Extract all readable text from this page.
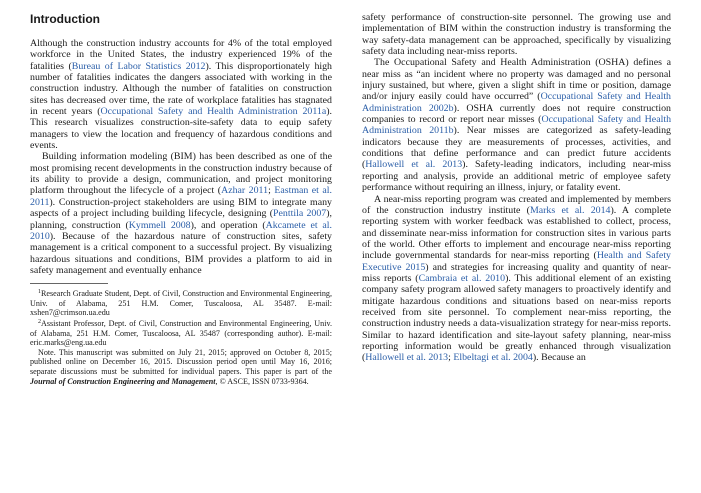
Introduction

Although the construction industry accounts for 4% of the total employed workforce in the United States, the industry experienced 19% of the fatalities (Bureau of Labor Statistics 2012). This disproportionately high number of fatalities indicates the dangers associated with working in the construction industry. Although the number of fatalities on construction sites has decreased over time, the rate of workplace fatalities has stagnated in recent years (Occupational Safety and Health Administration 2011a). This research visualizes construction-site-safety data to equip safety managers to view the location and frequency of hazardous conditions and events.

Building information modeling (BIM) has been described as one of the most promising recent developments in the construction industry because of its ability to provide a design, communication, and project monitoring platform throughout the lifecycle of a project (Azhar 2011; Eastman et al. 2011). Construction-project stakeholders are using BIM to integrate many aspects of a project including building lifecycle, designing (Penttila 2007), planning, construction (Kymmell 2008), and operation (Akcamete et al. 2010). Because of the hazardous nature of construction sites, safety management is a critical component to a successful project. By visualizing hazardous situations and conditions, BIM provides a platform to aid in safety management and eventually enhance

$^1$Research Graduate Student, Dept. of Civil, Construction and Environmental Engineering, Univ. of Alabama, 251 H.M. Comer, Tuscaloosa, AL 35487. E-mail: xshen7@crimson.ua.edu

$^2$Assistant Professor, Dept. of Civil, Construction and Environmental Engineering, Univ. of Alabama, 251 H.M. Comer, Tuscaloosa, AL 35487 (corresponding author). E-mail: eric.marks@eng.ua.edu

Note. This manuscript was submitted on July 21, 2015; approved on October 8, 2015; published online on December 16, 2015. Discussion period open until May 16, 2016; separate discussions must be submitted for individual papers. This paper is part of the Journal of Construction Engineering and Management, © ASCE, ISSN 0733-9364.

safety performance of construction-site personnel. The growing use and implementation of BIM within the construction industry is transforming the way safety-data management can be approached, specifically by visualizing safety data including near-miss reports.

The Occupational Safety and Health Administration (OSHA) defines a near miss as “an incident where no property was damaged and no personal injury sustained, but where, given a slight shift in time or position, damage and/or injury easily could have occurred” (Occupational Safety and Health Administration 2002b). OSHA currently does not require construction companies to record or report near misses (Occupational Safety and Health Administration 2011b). Near misses are categorized as safety-leading indicators because they are measurements of processes, activities, and conditions that define performance and can predict future accidents (Hallowell et al. 2013). Safety-leading indicators, including near-miss reporting and analysis, provide an additional metric of employee safety performance without requiring an illness, injury, or fatality event.

A near-miss reporting program was created and implemented by members of the construction industry institute (Marks et al. 2014). A complete reporting system with worker feedback was established to collect, process, and disseminate near-miss information for construction sites in various parts of the world. Other efforts to implement and encourage near-miss reporting include governmental standards for near-miss reporting (Health and Safety Executive 2015) and strategies for increasing quality and quantity of near-miss reports (Cambraia et al. 2010). This additional element of an existing company safety program allowed safety managers to proactively identify and mitigate hazardous conditions and situations based on near-miss reports received from site personnel. To complement near-miss reporting, the construction industry needs a data-visualization strategy for near-miss reports. Similar to hazard identification and site-layout safety planning, near-miss reporting information would be greatly enhanced through visualization (Hallowell et al. 2013; Elbeltagi et al. 2004). Because an
